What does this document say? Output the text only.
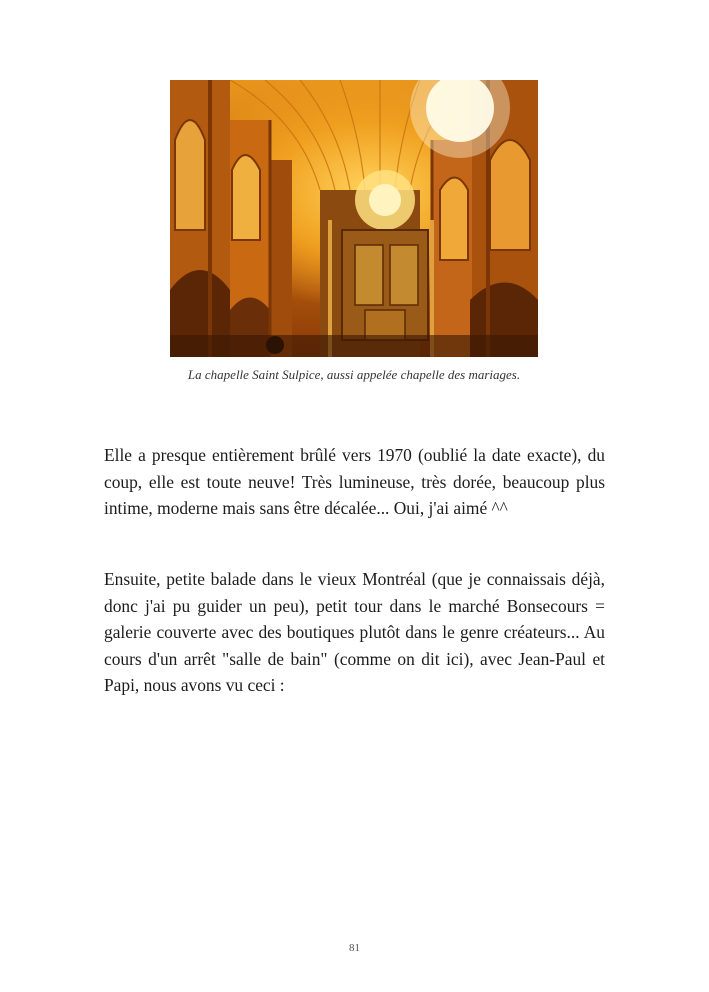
La chapelle Saint Sulpice, aussi appelée chapelle des mariages.

Elle a presque entièrement brûlé vers 1970 (oublié la date exacte), du coup, elle est toute neuve! Très lumineuse, très dorée, beaucoup plus intime, moderne mais sans être décalée... Oui, j'ai aimé ^^

Ensuite, petite balade dans le vieux Montréal (que je connaissais déjà, donc j'ai pu guider un peu), petit tour dans le marché Bonsecours = galerie couverte avec des boutiques plutôt dans le genre créateurs... Au cours d'un arrêt "salle de bain" (comme on dit ici), avec Jean-Paul et Papi, nous avons vu ceci :

81
